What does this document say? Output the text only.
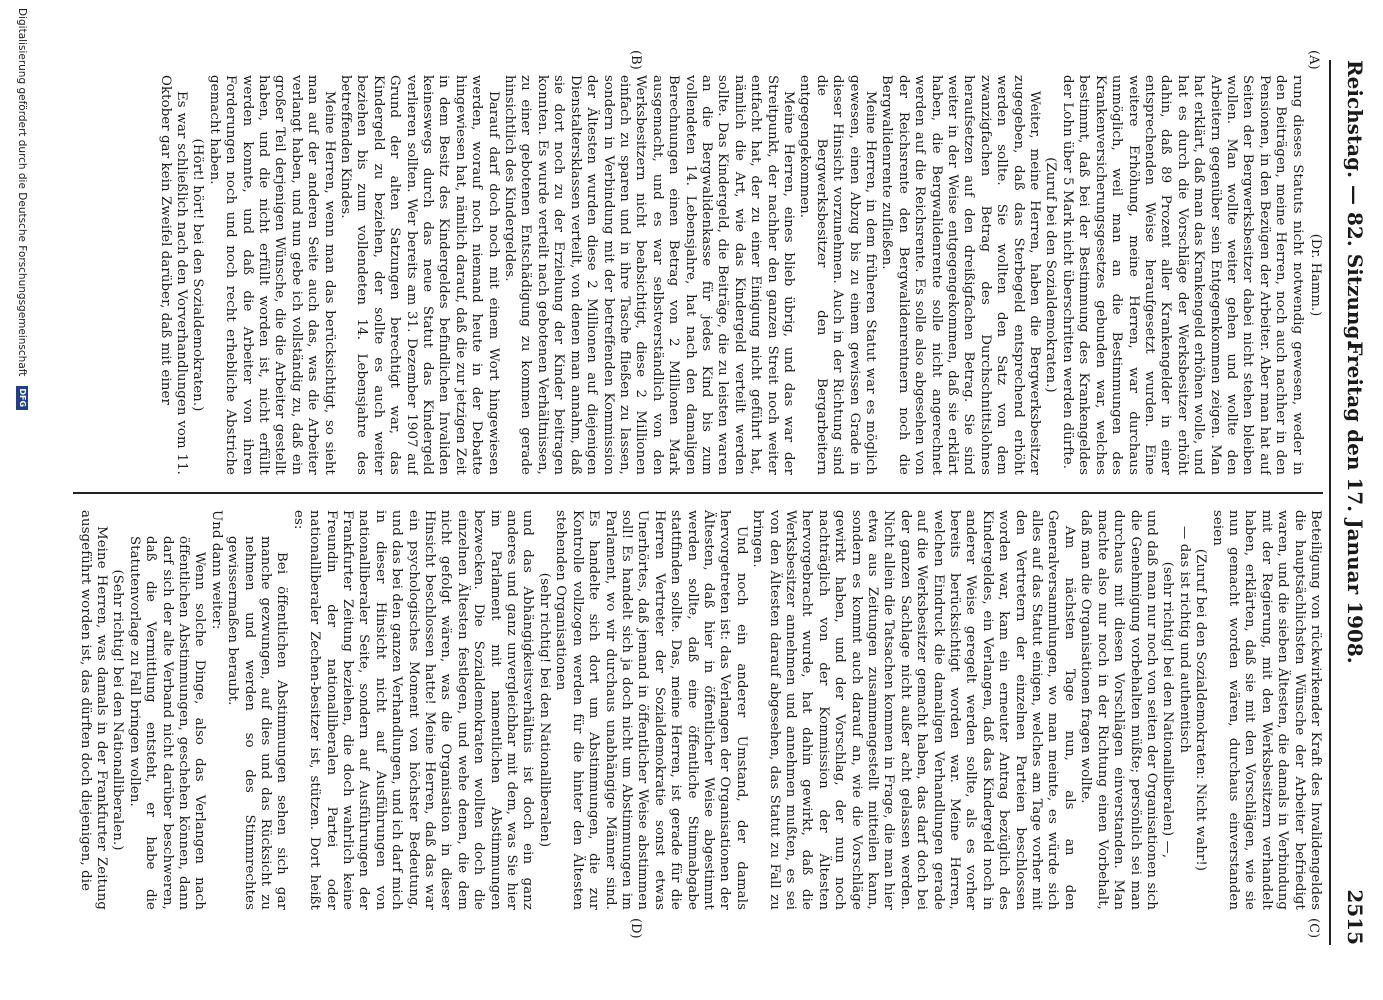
Reichstag. — 82. Sitzung.
Freitag den 17. Januar 1908.
2515
(A)
(B)
(C)
(D)
(Dr. Hamm.)

rung dieses Statuts nicht notwendig gewesen, weder in den Beiträgen, meine Herren, noch auch nachher in den Pensionen, in den Bezügen der Arbeiter. Aber man hat auf Seiten der Bergwerksbesitzer dabei nicht stehen bleiben wollen. Man wollte weiter gehen und wollte den Arbeitern gegenüber sein Entgegenkommen zeigen. Man hat erklärt, daß man das Krankengeld erhöhen wolle, und hat es durch die Vorschläge der Werksbesitzer erhöht dahin, daß 89 Prozent aller Krankengelder in einer entsprechenden Weise heraufgesetzt wurden. Eine weitere Erhöhung, meine Herren, war durchaus unmöglich, weil man an die Bestimmungen des Krankenversicherungsgesetzes gebunden war, welches bestimmt, daß bei der Bestimmung des Krankengeldes der Lohn über 5 Mark nicht überschritten werden dürfte.

(Zuruf bei den Sozialdemokraten.)

Weiter, meine Herren, haben die Bergwerksbesitzer zugegeben, daß das Sterbegeld entsprechend erhöht werden sollte. Sie wollten den Satz von dem zwanzigfachen Betrag des Durchschnittslohnes heraufsetzen auf den dreißigfachen Betrag. Sie sind weiter in der Weise entgegengekommen, daß sie erklärt haben, die Bergwalidenrente solle nicht angerechnet werden auf die Reichsrente. Es solle also abgesehen von der Reichsrente den Bergwalidenrentnern noch die Bergwalidenrente zufließen.

Meine Herren, in dem früheren Statut war es möglich gewesen, einen Abzug bis zu einem gewissen Grade in dieser Hinsicht vorzunehmen. Auch in der Richtung sind die Bergwerksbesitzer den Bergarbeitern entgegengekommen.

Meine Herren, eines blieb übrig, und das war der Streitpunkt, der nachher den ganzen Streit noch weiter entfacht hat, der zu einer Einigung nicht geführt hat, nämlich die Art, wie das Kindergeld verteilt werden sollte. Das Kindergeld, die Beiträge, die zu leisten waren an die Bergwalidenkasse für jedes Kind bis zum vollendeten 14. Lebensjahre, hat nach den damaligen Berechnungen einen Betrag von 2 Millionen Mark ausgemacht, und es war selbstverständlich von den Werksbesitzern nicht beabsichtigt, diese 2 Millionen einfach zu sparen und in ihre Tasche fließen zu lassen, sondern in Verbindung mit der betreffenden Kommission der Ältesten wurden diese 2 Millionen auf diejenigen Dienstaltersklassen verteilt, von denen man annahm, daß sie dort noch zu der Erziehung der Kinder beitragen konnten. Es wurde verteilt nach gebotenen Verhältnissen, zu einer gebotenen Entschädigung zu kommen gerade hinsichtlich des Kindergeldes.

Darauf darf doch noch mit einem Wort hingewiesen werden, worauf noch niemand heute in der Debatte hingewiesen hat, nämlich darauf, daß die zur jetzigen Zeit in dem Besitz des Kindergeldes befindlichen Invaliden keineswegs durch das neue Statut das Kindergeld verlieren sollten. Wer bereits am 31. Dezember 1907 auf Grund der alten Satzungen berechtigt war, das Kindergeld zu beziehen, der sollte es auch weiter beziehen bis zum vollendeten 14. Lebensjahre des betreffenden Kindes.

Meine Herren, wenn man das berücksichtigt, so sieht man auf der anderen Seite auch das, was die Arbeiter verlangt haben, und nun gebe ich vollständig zu, daß ein großer Teil derjenigen Wünsche, die die Arbeiter gestellt haben, und die nicht erfüllt worden ist, nicht erfüllt werden konnte, und daß die Arbeiter von ihren Forderungen noch und noch recht erhebliche Abstriche gemacht haben.

(Hört! hört! bei den Sozialdemokraten.)

Es war schließlich nach den Vorverhandlungen vom 11. Oktober gar kein Zweifel darüber, daß mit einer

Beteiligung von rückwirkender Kraft des Invalidengeldes die hauptsächlichsten Wünsche der Arbeiter befriedigt waren, und die sieben Ältesten, die damals in Verbindung mit der Regierung, mit den Werksbesitzern verhandelt haben, erklärten, daß sie mit den Vorschlägen, wie sie nun gemacht worden wären, durchaus einverstanden seien

(Zuruf bei den Sozialdemokraten: Nicht wahr!)

— das ist richtig und authentisch

(sehr richtig! bei den Nationalliberalen) —,

und daß man nur noch von seiten der Organisationen sich die Genehmigung vorbehalten müßte; persönlich sei man durchaus mit diesen Vorschlägen einverstanden. Man machte also nur noch in der Richtung einen Vorbehalt, daß man die Organisationen fragen wollte.

Am nächsten Tage nun, als an den Generalversammlungen, wo man meinte, es würde sich alles auf das Statut einigen, welches am Tage vorher mit den Vertretern der einzelnen Parteien beschlossen worden war, kam ein erneuter Antrag bezüglich des Kindergeldes, ein Verlangen, daß das Kindergeld noch in anderer Weise geregelt werden sollte, als es vorher bereits berücksichtigt worden war. Meine Herren, welchen Eindruck die damaligen Verhandlungen gerade auf die Werksbesitzer gemacht haben, das darf doch bei der ganzen Sachlage nicht außer acht gelassen werden. Nicht allein die Tatsachen kommen in Frage, die man hier etwa aus Zeitungen zusammengestellt mitteilen kann, sondern es kommt auch darauf an, wie die Vorschläge gewirkt haben, und der Vorschlag, der nun noch nachträglich von der Kommission der Ältesten hervorgebracht wurde, hat dahin gewirkt, daß die Werksbesitzer annehmen und annehmen mußten, es sei von den Ältesten darauf abgesehen, das Statut zu Fall zu bringen.

Und noch ein anderer Umstand, der damals hervorgetreten ist: das Verlangen der Organisationen der Ältesten, daß hier in öffentlicher Weise abgestimmt werden sollte, daß eine öffentliche Stimmabgabe stattfinden sollte. Das, meine Herren, ist gerade für die Herren Vertreter der Sozialdemokratie sonst etwas Unerhörtes, daß jemand in öffentlicher Weise abstimmen soll! Es handelt sich ja doch nicht um Abstimmungen im Parlament, wo wir durchaus unabhängige Männer sind. Es handelte sich dort um Abstimmungen, die zur Kontrolle vollzogen werden für die hinter den Ältesten stehenden Organisationen

(sehr richtig! bei den Nationalliberalen)

und das Abhängigkeitsverhältnis ist doch ein ganz anderes und ganz unvergleichbar mit dem, was Sie hier im Parlament mit namentlichen Abstimmungen bezwecken. Die Sozialdemokraten wollten doch die einzelnen Ältesten festlegen, und wehe denen, die dem nicht gefolgt wären, was die Organisation in dieser Hinsicht beschlossen hatte! Meine Herren, daß das war ein psychologisches Moment von höchster Bedeutung, und das bei den ganzen Verhandlungen, und ich darf mich in dieser Hinsicht nicht auf Ausführungen von nationalliberaler Seite, sondern auf Ausführungen der Frankfurter Zeitung beziehen, die doch wahrlich keine Freundin der nationalliberalen Partei oder nationalliberaler Zechen-besitzer ist, stützen. Dort heißt es:

Bei öffentlichen Abstimmungen sehen sich gar manche gezwungen, auf dies und das Rücksicht zu nehmen und werden so des Stimmrechtes gewissermaßen beraubt.

Und dann weiter:

Wenn solche Dinge, also das Verlangen nach öffentlichen Abstimmungen, geschehen können, dann darf sich der alte Verband nicht darüber beschweren, daß die Vermittlung entsteht, er habe die Statutenvorlage zu Fall bringen wollen.

(Sehr richtig! bei den Nationalliberalen.)

Meine Herren, was damals in der Frankfurter Zeitung ausgeführt worden ist, das dürften doch diejenigen, die

Digitalisierung gefördert durch die Deutsche Forschungsgemeinschaft DFG
